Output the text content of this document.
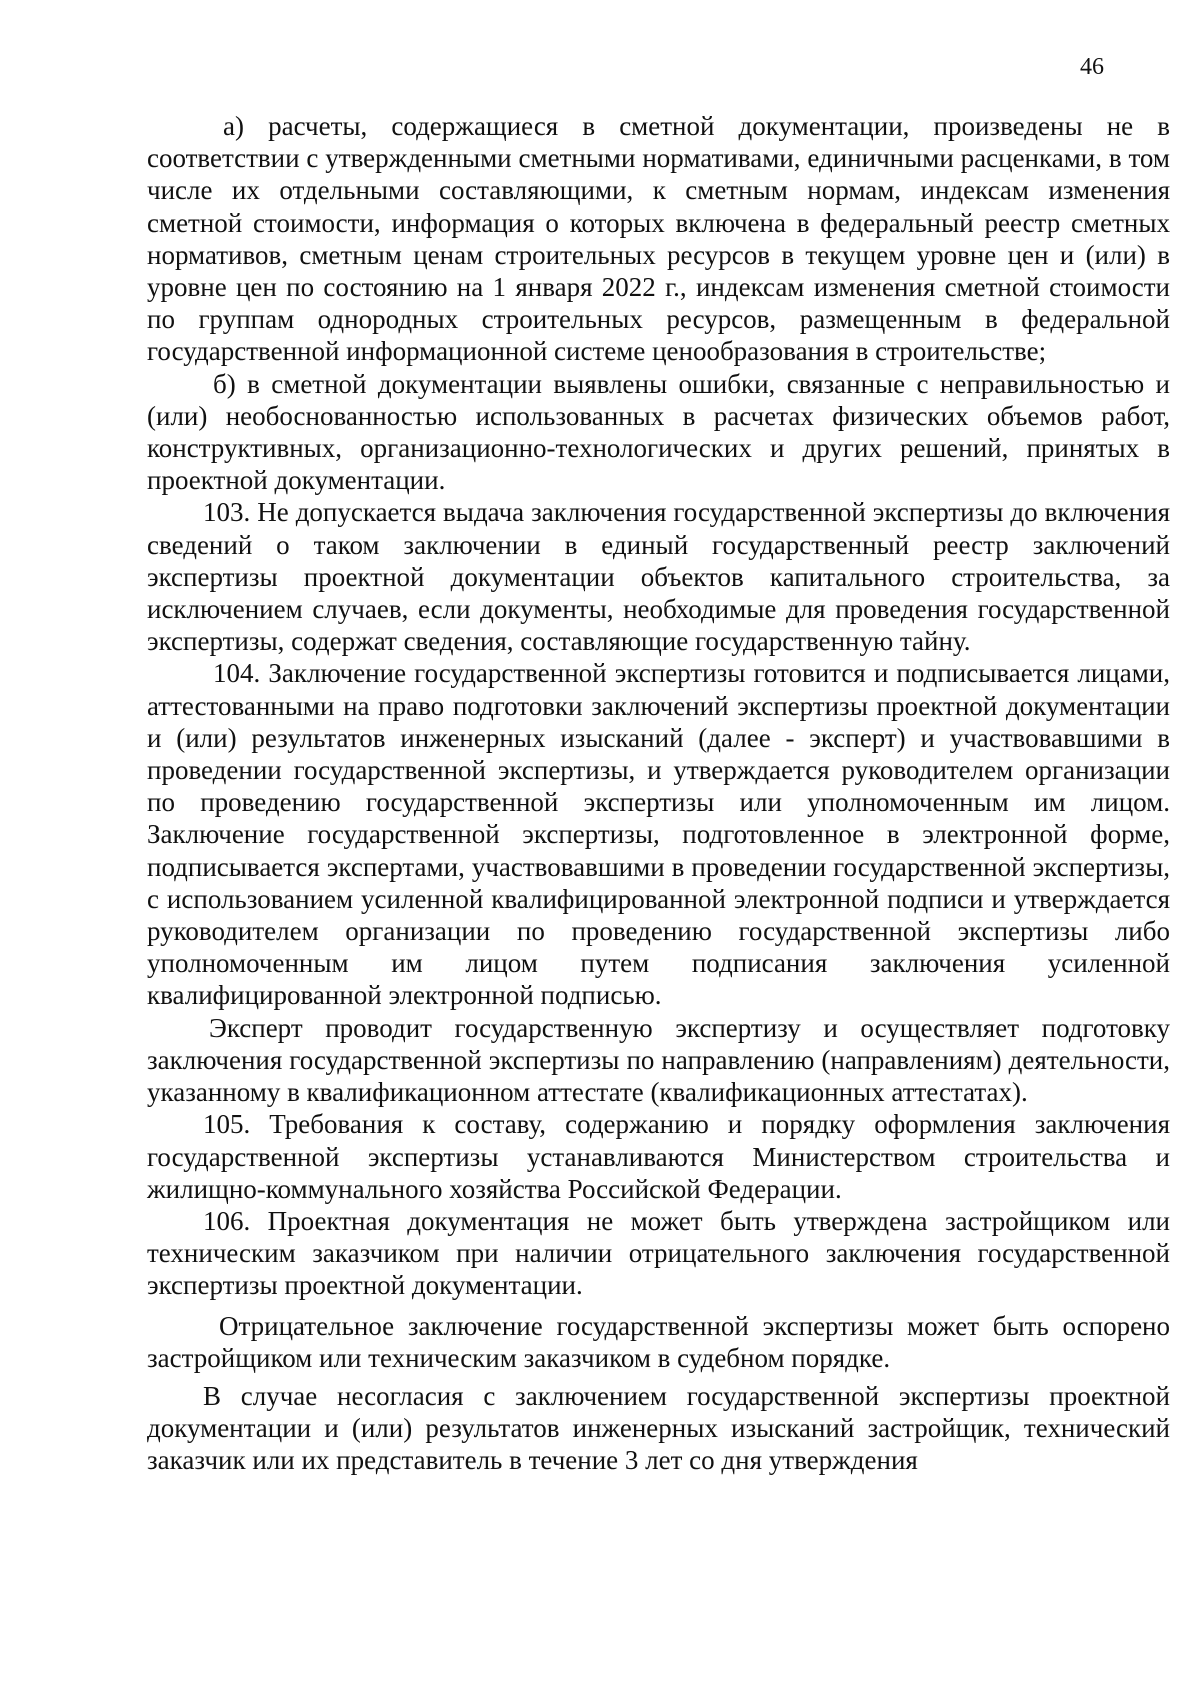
46

а) расчеты, содержащиеся в сметной документации, произведены не в соответствии с утвержденными сметными нормативами, единичными расценками, в том числе их отдельными составляющими, к сметным нормам, индексам изменения сметной стоимости, информация о которых включена в федеральный реестр сметных нормативов, сметным ценам строительных ресурсов в текущем уровне цен и (или) в уровне цен по состоянию на 1 января 2022 г., индексам изменения сметной стоимости по группам однородных строительных ресурсов, размещенным в федеральной государственной информационной системе ценообразования в строительстве;

б) в сметной документации выявлены ошибки, связанные с неправильностью и (или) необоснованностью использованных в расчетах физических объемов работ, конструктивных, организационно-технологических и других решений, принятых в проектной документации.

103. Не допускается выдача заключения государственной экспертизы до включения сведений о таком заключении в единый государственный реестр заключений экспертизы проектной документации объектов капитального строительства, за исключением случаев, если документы, необходимые для проведения государственной экспертизы, содержат сведения, составляющие государственную тайну.

104. Заключение государственной экспертизы готовится и подписывается лицами, аттестованными на право подготовки заключений экспертизы проектной документации и (или) результатов инженерных изысканий (далее - эксперт) и участвовавшими в проведении государственной экспертизы, и утверждается руководителем организации по проведению государственной экспертизы или уполномоченным им лицом. Заключение государственной экспертизы, подготовленное в электронной форме, подписывается экспертами, участвовавшими в проведении государственной экспертизы, с использованием усиленной квалифицированной электронной подписи и утверждается руководителем организации по проведению государственной экспертизы либо уполномоченным им лицом путем подписания заключения усиленной квалифицированной электронной подписью.

Эксперт проводит государственную экспертизу и осуществляет подготовку заключения государственной экспертизы по направлению (направлениям) деятельности, указанному в квалификационном аттестате (квалификационных аттестатах).

105. Требования к составу, содержанию и порядку оформления заключения государственной экспертизы устанавливаются Министерством строительства и жилищно-коммунального хозяйства Российской Федерации.

106. Проектная документация не может быть утверждена застройщиком или техническим заказчиком при наличии отрицательного заключения государственной экспертизы проектной документации.

Отрицательное заключение государственной экспертизы может быть оспорено застройщиком или техническим заказчиком в судебном порядке.

В случае несогласия с заключением государственной экспертизы проектной документации и (или) результатов инженерных изысканий застройщик, технический заказчик или их представитель в течение 3 лет со дня утверждения
